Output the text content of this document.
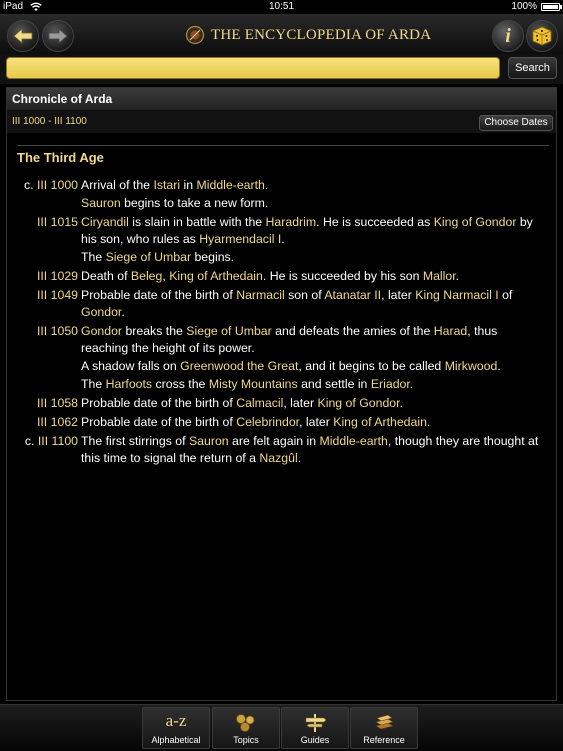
iPad	10:51	100%
THE ENCYCLOPEDIA OF ARDA	i
Search
Chronicle of Arda
III 1000 - III 1100	Choose Dates
The Third Age
c. III 1000 Arrival of the Istari in Middle-earth.
Sauron begins to take a new form.
III 1015 Ciryandil is slain in battle with the Haradrim. He is succeeded as King of Gondor by his son, who rules as Hyarmendacil I.
The Siege of Umbar begins.
III 1029 Death of Beleg, King of Arthedain. He is succeeded by his son Mallor.
III 1049 Probable date of the birth of Narmacil son of Atanatar II, later King Narmacil I of Gondor.
III 1050 Gondor breaks the Siege of Umbar and defeats the amies of the Harad, thus reaching the height of its power.
A shadow falls on Greenwood the Great, and it begins to be called Mirkwood.
The Harfoots cross the Misty Mountains and settle in Eriador.
III 1058 Probable date of the birth of Calmacil, later King of Gondor.
III 1062 Probable date of the birth of Celebrindor, later King of Arthedain.
c. III 1100 The first stirrings of Sauron are felt again in Middle-earth, though they are thought at this time to signal the return of a Nazgûl.
a-z
Alphabetical	Topics	Guides	Reference
